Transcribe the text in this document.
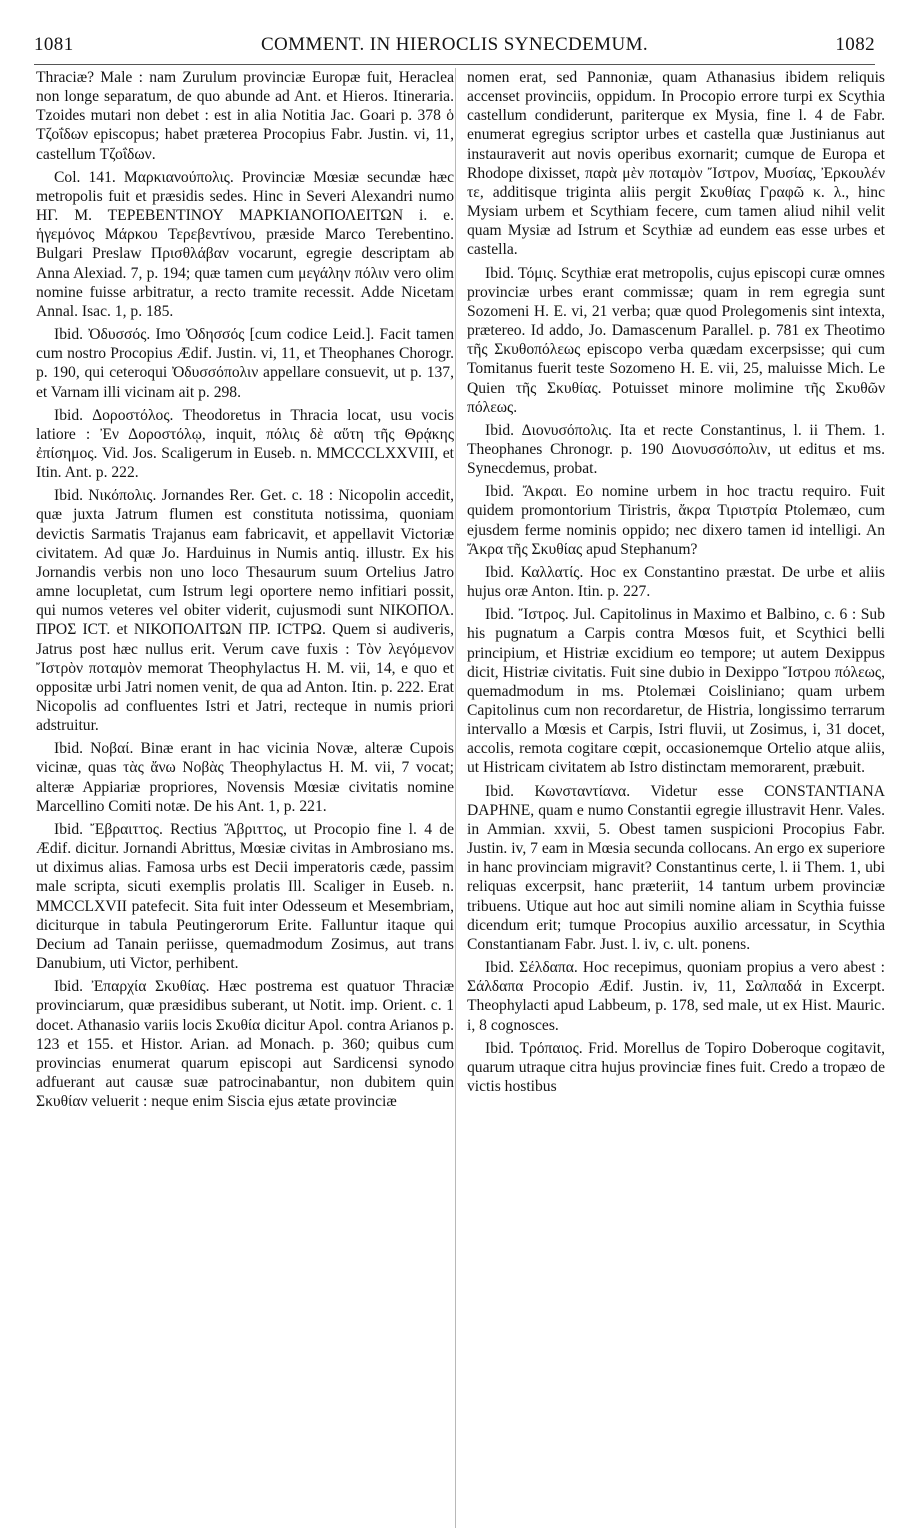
1081	COMMENT. IN HIEROCLIS SYNECDEMUM.	1082

Thraciæ? Male : nam Zurulum provinciæ Europæ fuit, Heraclea non longe separatum, de quo abunde ad Ant. et Hieros. Itineraria. Tzoides mutari non debet : est in alia Notitia Jac. Goari p. 378 ὁ Τζοΐδων episcopus; habet præterea Procopius Fabr. Justin. vi, 11, castellum Τζοΐδων.

Col. 141. Μαρκιανούπολις. Provinciæ Mœsiæ secundæ hæc metropolis fuit et præsidis sedes. Hinc in Severi Alexandri numo ΗΓ. Μ. ΤΕΡΕΒΕΝΤΙΝΟΥ ΜΑΡΚΙΑΝΟΠΟΛΕΙΤΩΝ i. e. ἡγεμόνος Μάρκου Τερεβεντίνου, præside Marco Terebentino. Bulgari Preslaw Πρισθλάβαν vocarunt, egregie descriptam ab Anna Alexiad. 7, p. 194; quæ tamen cum μεγάλην πόλιν vero olim nomine fuisse arbitratur, a recto tramite recessit. Adde Nicetam Annal. Isac. 1, p. 185.

Ibid. Ὀδυσσός. Imo Ὀδησσός [cum codice Leid.]. Facit tamen cum nostro Procopius Ædif. Justin. vi, 11, et Theophanes Chorogr. p. 190, qui ceteroqui Ὀδυσσόπολιν appellare consuevit, ut p. 137, et Varnam illi vicinam ait p. 298.

Ibid. Δοροστόλος. Theodoretus in Thracia locat, usu vocis latiore : Ἐν Δοροστόλῳ, inquit, πόλις δὲ αὕτη τῆς Θρᾴκης ἐπίσημος. Vid. Jos. Scaligerum in Euseb. n. MMCCCLXXVIII, et Itin. Ant. p. 222.

Ibid. Νικόπολις. Jornandes Rer. Get. c. 18 : Nicopolin accedit, quæ juxta Jatrum flumen est constituta notissima, quoniam devictis Sarmatis Trajanus eam fabricavit, et appellavit Victoriæ civitatem. Ad quæ Jo. Harduinus in Numis antiq. illustr. Ex his Jornandis verbis non uno loco Thesaurum suum Ortelius Jatro amne locupletat, cum Istrum legi oportere nemo infitiari possit, qui numos veteres vel obiter viderit, cujusmodi sunt ΝΙΚΟΠΟΛ. ΠΡΟΣ ΙСΤ. et ΝΙΚΟΠΟΛΙΤΩΝ ΠΡ. ΙСΤΡΩ. Quem si audiveris, Jatrus post hæc nullus erit. Verum cave fuxis : Τὸν λεγόμενον Ἴστρὸν ποταμὸν memorat Theophylactus H. M. vii, 14, e quo et oppositæ urbi Jatri nomen venit, de qua ad Anton. Itin. p. 222. Erat Nicopolis ad confluentes Istri et Jatri, recteque in numis priori adstruitur.

Ibid. Νοβαί. Binæ erant in hac vicinia Novæ, alteræ Cupois vicinæ, quas τὰς ἄνω Νοβὰς Theophylactus H. M. vii, 7 vocat; alteræ Appiariæ propriores, Novensis Mœsiæ civitatis nomine Marcellino Comiti notæ. De his Ant. 1, p. 221.

Ibid. Ἔβραιττος. Rectius Ἄβριττος, ut Procopio fine l. 4 de Ædif. dicitur. Jornandi Abrittus, Mœsiæ civitas in Ambrosiano ms. ut diximus alias. Famosa urbs est Decii imperatoris cæde, passim male scripta, sicuti exemplis prolatis Ill. Scaliger in Euseb. n. MMCCLXVII patefecit. Sita fuit inter Odesseum et Mesembriam, diciturque in tabula Peutingerorum Erite. Falluntur itaque qui Decium ad Tanain periisse, quemadmodum Zosimus, aut trans Danubium, uti Victor, perhibent.

Ibid. Ἐπαρχία Σκυθίας. Hæc postrema est quatuor Thraciæ provinciarum, quæ præsidibus suberant, ut Notit. imp. Orient. c. 1 docet. Athanasio variis locis Σκυθία dicitur Apol. contra Arianos p. 123 et 155. et Histor. Arian. ad Monach. p. 360; quibus cum provincias enumerat quarum episcopi aut Sardicensi synodo adfuerant aut causæ suæ patrocinabantur, non dubitem quin Σκυθίαν veluerit : neque enim Siscia ejus ætate provinciæ

nomen erat, sed Pannoniæ, quam Athanasius ibidem reliquis accenset provinciis, oppidum. In Procopio errore turpi ex Scythia castellum condiderunt, pariterque ex Mysia, fine l. 4 de Fabr. enumerat egregius scriptor urbes et castella quæ Justinianus aut instauraverit aut novis operibus exornarit; cumque de Europa et Rhodope dixisset, παρὰ μὲν ποταμὸν Ἴστρον, Μυσίας, Ἐρκουλέν τε, additisque triginta aliis pergit Σκυθίας Γραφῶ κ. λ., hinc Mysiam urbem et Scythiam fecere, cum tamen aliud nihil velit quam Mysiæ ad Istrum et Scythiæ ad eundem eas esse urbes et castella.

Ibid. Τόμις. Scythiæ erat metropolis, cujus episcopi curæ omnes provinciæ urbes erant commissæ; quam in rem egregia sunt Sozomeni H. E. vi, 21 verba; quæ quod Prolegomenis sint intexta, prætereo. Id addo, Jo. Damascenum Parallel. p. 781 ex Theotimo τῆς Σκυθοπόλεως episcopo verba quædam excerpsisse; qui cum Tomitanus fuerit teste Sozomeno H. E. vii, 25, maluisse Mich. Le Quien τῆς Σκυθίας. Potuisset minore molimine τῆς Σκυθῶν πόλεως.

Ibid. Διονυσόπολις. Ita et recte Constantinus, l. ii Them. 1. Theophanes Chronogr. p. 190 Διονυσσόπολιν, ut editus et ms. Synecdemus, probat.

Ibid. Ἄκραι. Eo nomine urbem in hoc tractu requiro. Fuit quidem promontorium Tiristris, ἄκρα Τιριστρία Ptolemæo, cum ejusdem ferme nominis oppido; nec dixero tamen id intelligi. An Ἄκρα τῆς Σκυθίας apud Stephanum?

Ibid. Καλλατίς. Hoc ex Constantino præstat. De urbe et aliis hujus oræ Anton. Itin. p. 227.

Ibid. Ἴστρος. Jul. Capitolinus in Maximo et Balbino, c. 6 : Sub his pugnatum a Carpis contra Mœsos fuit, et Scythici belli principium, et Histriæ excidium eo tempore; ut autem Dexippus dicit, Histriæ civitatis. Fuit sine dubio in Dexippo Ἴστρου πόλεως, quemadmodum in ms. Ptolemæi Coisliniano; quam urbem Capitolinus cum non recordaretur, de Histria, longissimo terrarum intervallo a Mœsis et Carpis, Istri fluvii, ut Zosimus, i, 31 docet, accolis, remota cogitare cœpit, occasionemque Ortelio atque aliis, ut Histricam civitatem ab Istro distinctam memorarent, præbuit.

Ibid. Κωνσταντίανα. Videtur esse CONSTANTIANA DAPHNE, quam e numo Constantii egregie illustravit Henr. Vales. in Ammian. xxvii, 5. Obest tamen suspicioni Procopius Fabr. Justin. iv, 7 eam in Mœsia secunda collocans. An ergo ex superiore in hanc provinciam migravit? Constantinus certe, l. ii Them. 1, ubi reliquas excerpsit, hanc præteriit, 14 tantum urbem provinciæ tribuens. Utique aut hoc aut simili nomine aliam in Scythia fuisse dicendum erit; tumque Procopius auxilio arcessatur, in Scythia Constantianam Fabr. Just. l. iv, c. ult. ponens.

Ibid. Σέλδαπα. Hoc recepimus, quoniam propius a vero abest : Σάλδαπα Procopio Ædif. Justin. iv, 11, Σαλπαδά in Excerpt. Theophylacti apud Labbeum, p. 178, sed male, ut ex Hist. Mauric. i, 8 cognosces.

Ibid. Τρόπαιος. Frid. Morellus de Topiro Doberoque cogitavit, quarum utraque citra hujus provinciæ fines fuit. Credo a tropæo de victis hostibus
